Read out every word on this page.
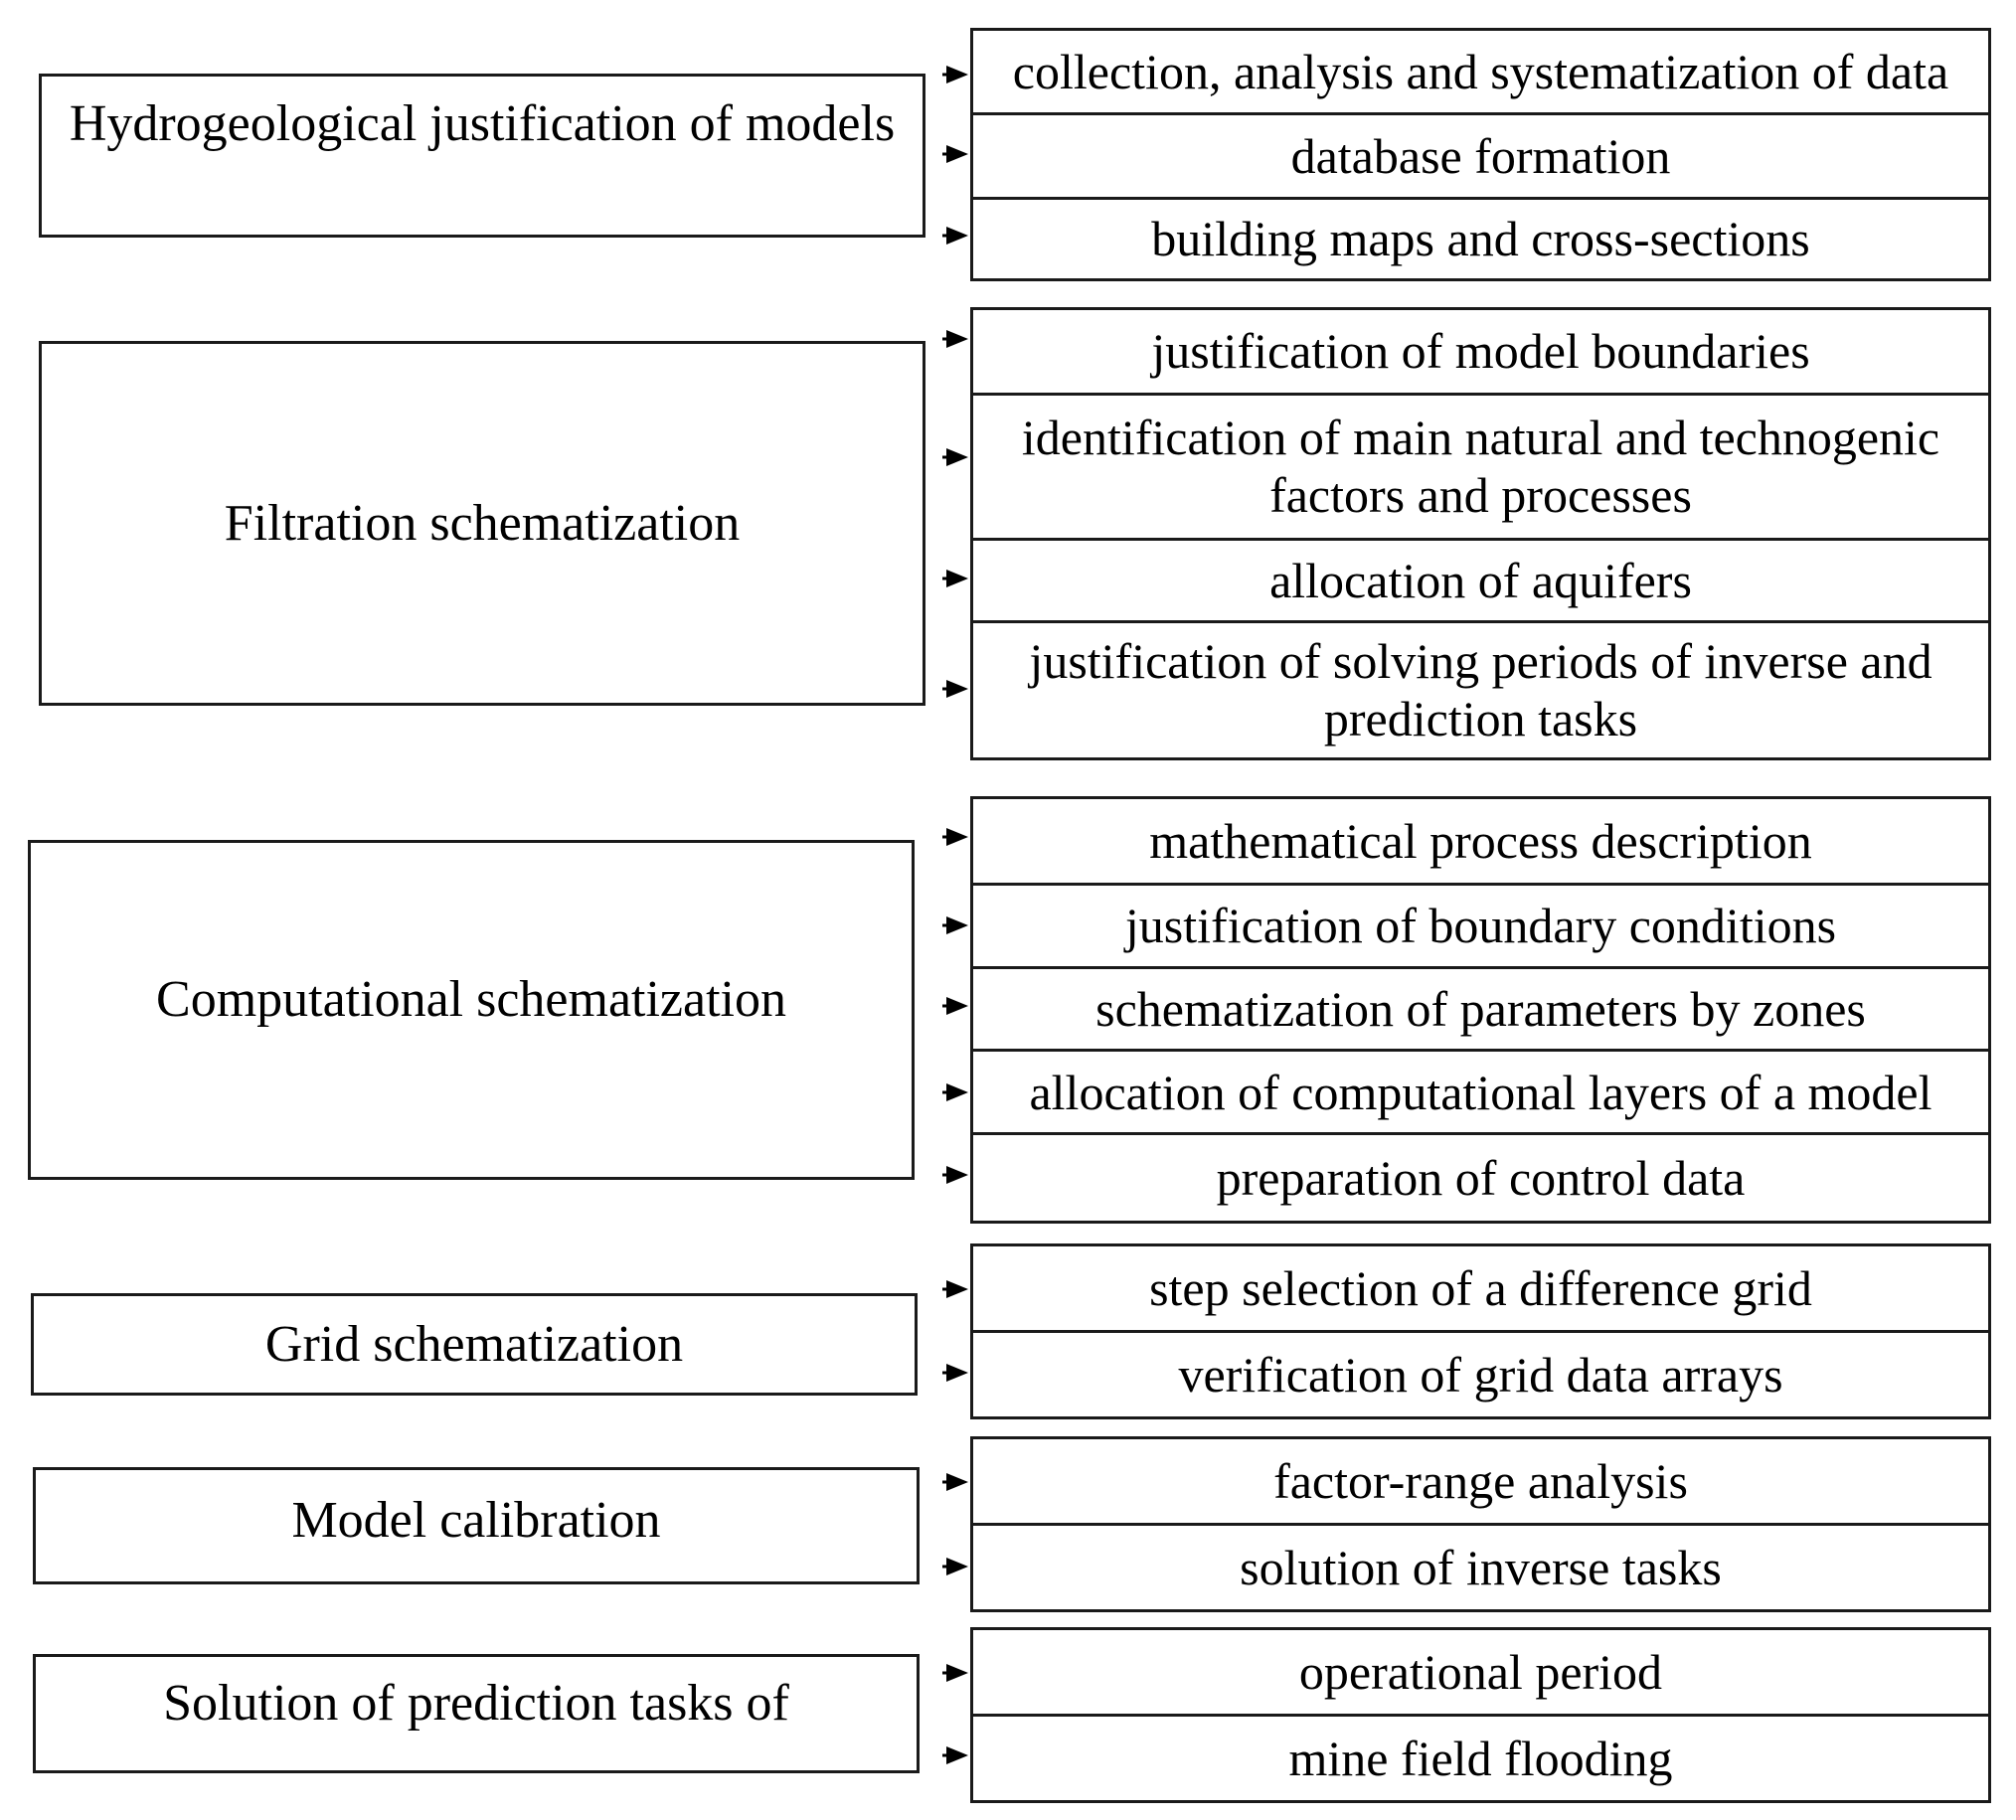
Hydrogeological justification of models
collection, analysis and systematization of data
database formation
building maps and cross-sections
Filtration schematization
justification of model boundaries
identification of main natural and technogenic factors and processes
allocation of aquifers
justification of solving periods of inverse and prediction tasks
Computational schematization
mathematical process description
justification of boundary conditions
schematization of parameters by zones
allocation of computational layers of a model
preparation of control data
Grid schematization
step selection of a difference grid
verification of grid data arrays
Model calibration
factor-range analysis
solution of inverse tasks
Solution of prediction tasks of
operational period
mine field flooding
